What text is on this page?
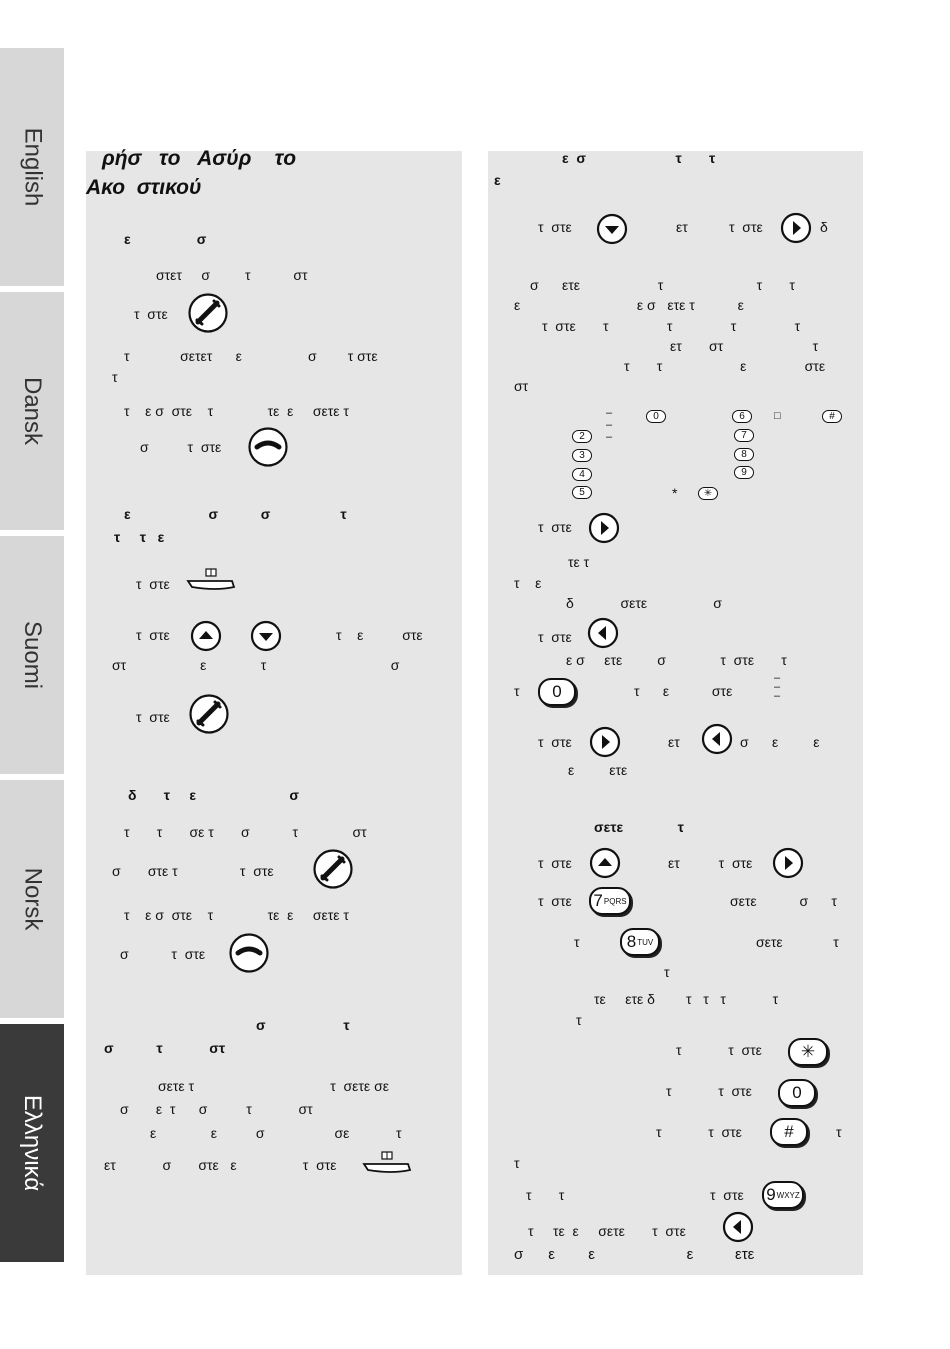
English
Dansk
Suomi
Norsk
Ελληνικά
ρήσ   το   Ασύρ    το
Ακο  στικού
ε                 σ
στετ     σ         τ           στ
τ  στε
τ             σετετ      ε                 σ        τ στε
τ
τ    ε σ  στε    τ              τε  ε     σετε τ
σ          τ  στε
ε                    σ           σ                  τ
τ     τ   ε
τ  στε
τ  στε	τ    ε          στε
στ                   ε              τ                                σ
τ  στε
δ       τ     ε                        σ
τ       τ       σε τ       σ           τ              στ
σ       στε τ                τ  στε
τ    ε σ  στε    τ              τε  ε     σετε τ
σ           τ  στε
σ                    τ
σ           τ            στ
σετε τ                                   τ  σετε σε
σ       ε  τ      σ          τ            στ
ε              ε          σ                  σε            τ
ετ            σ       στε   ε                 τ  στε
ε  σ                       τ       τ
ε
τ  στε	ετ	τ  στε	δ
σ      ετε                    τ                        τ       τ
ε                              ε σ   ετε τ           ε
τ  στε       τ               τ               τ               τ
ετ       στ                       τ
τ       τ                    ε               στε
στ
–
–
–
0	6	□	#
2	7
3	8
4	9
5	*	✳
τ  στε
τε τ
τ    ε
δ            σετε                 σ
τ  στε
ε σ     ετε         σ              τ  στε       τ
τ	0	τ      ε           στε
–
–
–
τ  στε	ετ	σ      ε         ε
ε         ετε
σετε              τ
τ  στε	ετ          τ  στε
τ  στε 7 PQRS	σετε           σ      τ
τ	8 TUV	σετε             τ
τ
τε     ετε δ        τ   τ   τ            τ
τ
τ            τ  στε	✳
τ            τ  στε	0
τ            τ  στε	#	τ
τ
τ       τ	τ  στε 9 WXYZ
τ     τε  ε     σετε       τ  στε
σ      ε        ε                      ε          ετε
